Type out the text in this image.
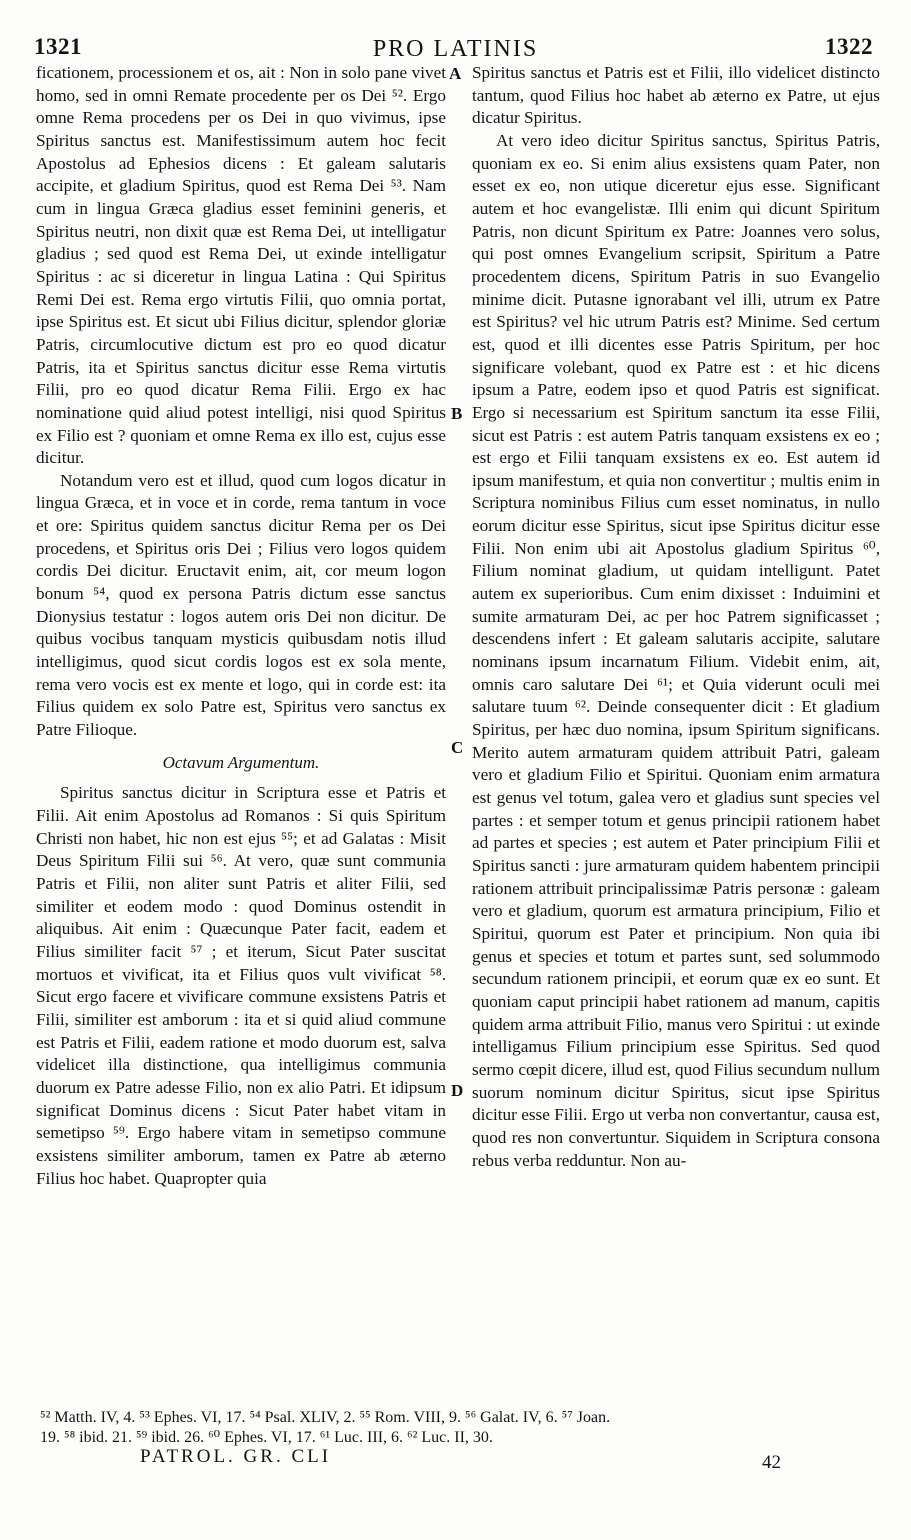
1321	PRO LATINIS	1322

ficationem, processionem et os, ait : Non in solo pane vivet homo, sed in omni Remate procedente per os Dei ⁵². Ergo omne Rema procedens per os Dei in quo vivimus, ipse Spiritus sanctus est. Manifestissimum autem hoc fecit Apostolus ad Ephesios dicens : Et galeam salutaris accipite, et gladium Spiritus, quod est Rema Dei ⁵³. Nam cum in lingua Græca gladius esset feminini generis, et Spiritus neutri, non dixit quæ est Rema Dei, ut intelligatur gladius ; sed quod est Rema Dei, ut exinde intelligatur Spiritus : ac si diceretur in lingua Latina : Qui Spiritus Remi Dei est. Rema ergo virtutis Filii, quo omnia portat, ipse Spiritus est. Et sicut ubi Filius dicitur, splendor gloriæ Patris, circumlocutive dictum est pro eo quod dicatur Patris, ita et Spiritus sanctus dicitur esse Rema virtutis Filii, pro eo quod dicatur Rema Filii. Ergo ex hac nominatione quid aliud potest intelligi, nisi quod Spiritus ex Filio est ? quoniam et omne Rema ex illo est, cujus esse dicitur.

Notandum vero est et illud, quod cum logos dicatur in lingua Græca, et in voce et in corde, rema tantum in voce et ore: Spiritus quidem sanctus dicitur Rema per os Dei procedens, et Spiritus oris Dei ; Filius vero logos quidem cordis Dei dicitur. Eructavit enim, ait, cor meum logon bonum ⁵⁴, quod ex persona Patris dictum esse sanctus Dionysius testatur : logos autem oris Dei non dicitur. De quibus vocibus tanquam mysticis quibusdam notis illud intelligimus, quod sicut cordis logos est ex sola mente, rema vero vocis est ex mente et logo, qui in corde est: ita Filius quidem ex solo Patre est, Spiritus vero sanctus ex Patre Filioque.

Octavum Argumentum.

Spiritus sanctus dicitur in Scriptura esse et Patris et Filii. Ait enim Apostolus ad Romanos : Si quis Spiritum Christi non habet, hic non est ejus ⁵⁵; et ad Galatas : Misit Deus Spiritum Filii sui ⁵⁶. At vero, quæ sunt communia Patris et Filii, non aliter sunt Patris et aliter Filii, sed similiter et eodem modo : quod Dominus ostendit in aliquibus. Ait enim : Quæcunque Pater facit, eadem et Filius similiter facit ⁵⁷ ; et iterum, Sicut Pater suscitat mortuos et vivificat, ita et Filius quos vult vivificat ⁵⁸. Sicut ergo facere et vivificare commune exsistens Patris et Filii, similiter est amborum : ita et si quid aliud commune est Patris et Filii, eadem ratione et modo duorum est, salva videlicet illa distinctione, qua intelligimus communia duorum ex Patre adesse Filio, non ex alio Patri. Et idipsum significat Dominus dicens : Sicut Pater habet vitam in semetipso ⁵⁹. Ergo habere vitam in semetipso commune exsistens similiter amborum, tamen ex Patre ab æterno Filius hoc habet. Quapropter quia

A
B
C
D

Spiritus sanctus et Patris est et Filii, illo videlicet distincto tantum, quod Filius hoc habet ab æterno ex Patre, ut ejus dicatur Spiritus.

At vero ideo dicitur Spiritus sanctus, Spiritus Patris, quoniam ex eo. Si enim alius exsistens quam Pater, non esset ex eo, non utique diceretur ejus esse. Significant autem et hoc evangelistæ. Illi enim qui dicunt Spiritum Patris, non dicunt Spiritum ex Patre: Joannes vero solus, qui post omnes Evangelium scripsit, Spiritum a Patre procedentem dicens, Spiritum Patris in suo Evangelio minime dicit. Putasne ignorabant vel illi, utrum ex Patre est Spiritus? vel hic utrum Patris est? Minime. Sed certum est, quod et illi dicentes esse Patris Spiritum, per hoc significare volebant, quod ex Patre est : et hic dicens ipsum a Patre, eodem ipso et quod Patris est significat. Ergo si necessarium est Spiritum sanctum ita esse Filii, sicut est Patris : est autem Patris tanquam exsistens ex eo ; est ergo et Filii tanquam exsistens ex eo. Est autem id ipsum manifestum, et quia non convertitur ; multis enim in Scriptura nominibus Filius cum esset nominatus, in nullo eorum dicitur esse Spiritus, sicut ipse Spiritus dicitur esse Filii. Non enim ubi ait Apostolus gladium Spiritus ⁶⁰, Filium nominat gladium, ut quidam intelligunt. Patet autem ex superioribus. Cum enim dixisset : Induimini et sumite armaturam Dei, ac per hoc Patrem significasset ; descendens infert : Et galeam salutaris accipite, salutare nominans ipsum incarnatum Filium. Videbit enim, ait, omnis caro salutare Dei ⁶¹; et Quia viderunt oculi mei salutare tuum ⁶². Deinde consequenter dicit : Et gladium Spiritus, per hæc duo nomina, ipsum Spiritum significans. Merito autem armaturam quidem attribuit Patri, galeam vero et gladium Filio et Spiritui. Quoniam enim armatura est genus vel totum, galea vero et gladius sunt species vel partes : et semper totum et genus principii rationem habet ad partes et species ; est autem et Pater principium Filii et Spiritus sancti : jure armaturam quidem habentem principii rationem attribuit principalissimæ Patris personæ : galeam vero et gladium, quorum est armatura principium, Filio et Spiritui, quorum est Pater et principium. Non quia ibi genus et species et totum et partes sunt, sed solummodo secundum rationem principii, et eorum quæ ex eo sunt. Et quoniam caput principii habet rationem ad manum, capitis quidem arma attribuit Filio, manus vero Spiritui : ut exinde intelligamus Filium principium esse Spiritus. Sed quod sermo cœpit dicere, illud est, quod Filius secundum nullum suorum nominum dicitur Spiritus, sicut ipse Spiritus dicitur esse Filii. Ergo ut verba non convertantur, causa est, quod res non convertuntur. Siquidem in Scriptura consona rebus verba redduntur. Non au-

⁵² Matth. IV, 4. ⁵³ Ephes. VI, 17. ⁵⁴ Psal. XLIV, 2. ⁵⁵ Rom. VIII, 9. ⁵⁶ Galat. IV, 6. ⁵⁷ Joan.
19. ⁵⁸ ibid. 21. ⁵⁹ ibid. 26. ⁶⁰ Ephes. VI, 17. ⁶¹ Luc. III, 6. ⁶² Luc. II, 30.
PATROL. GR. CLI	42
